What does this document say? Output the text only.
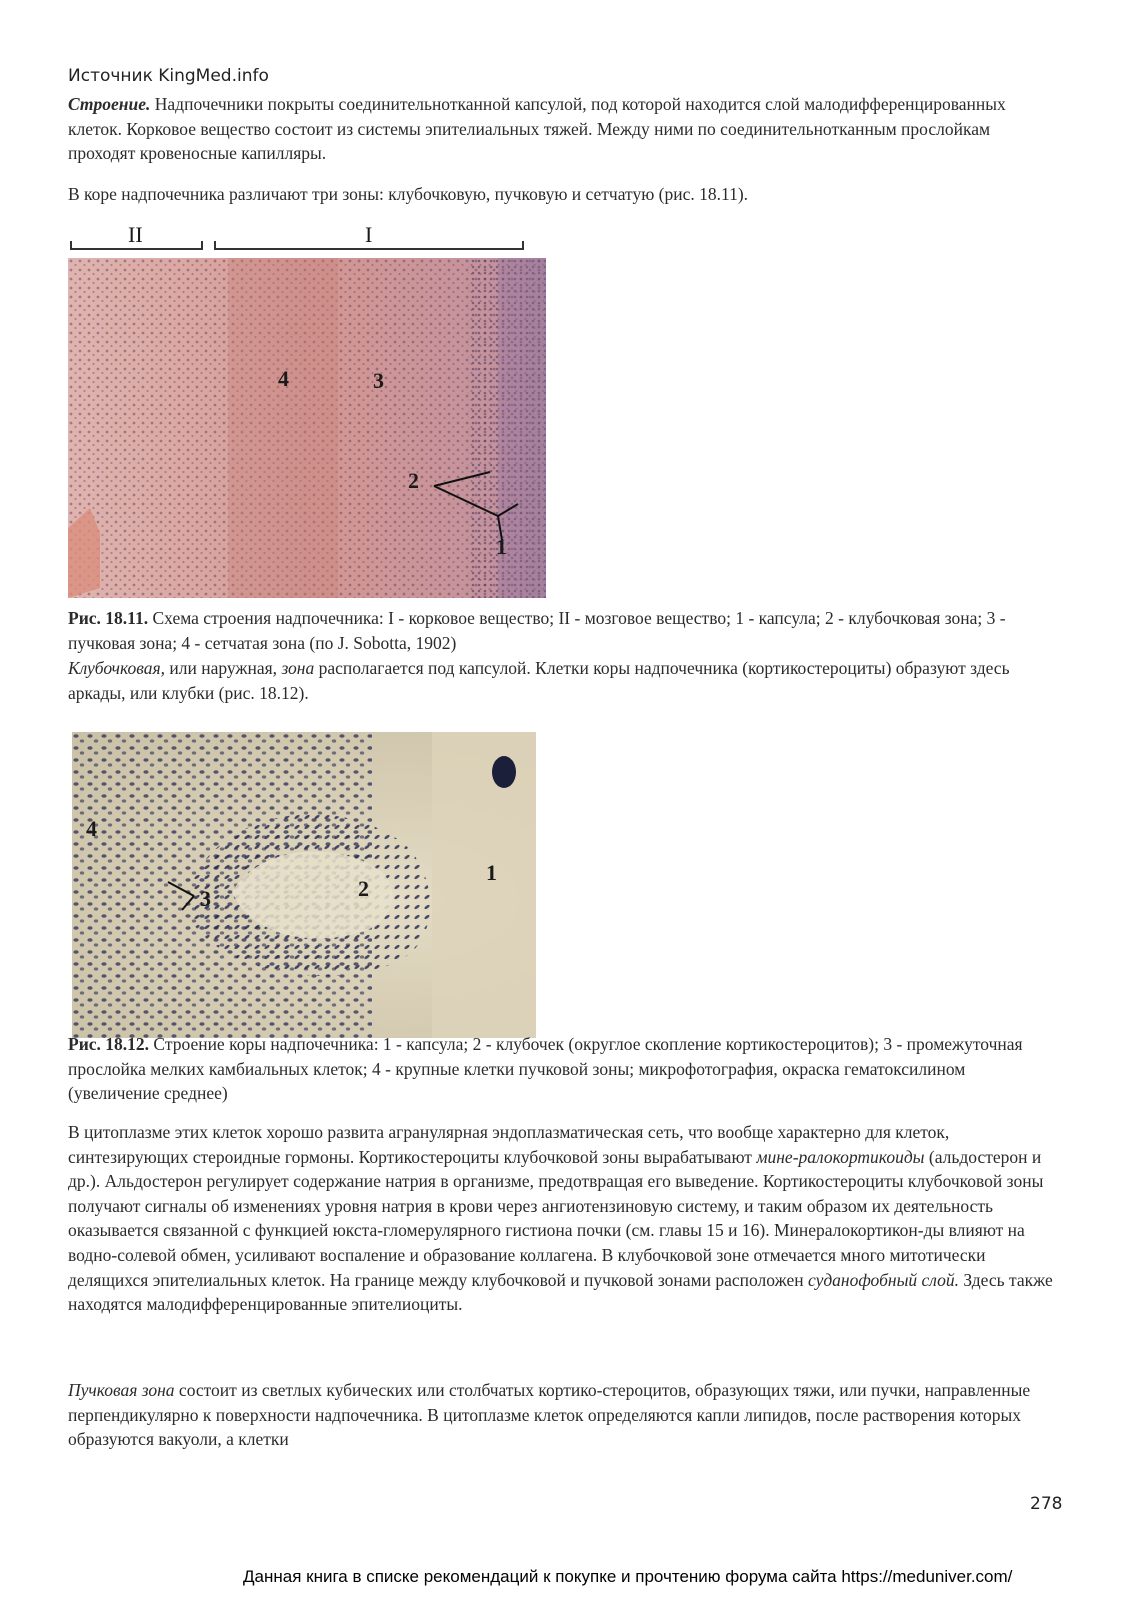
Источник KingMed.info

Строение. Надпочечники покрыты соединительнотканной капсулой, под которой находится слой малодифференцированных клеток. Корковое вещество состоит из системы эпителиальных тяжей. Между ними по соединительнотканным прослойкам проходят кровеносные капилляры.

В коре надпочечника различают три зоны: клубочковую, пучковую и сетчатую (рис. 18.11).

II	I
4	3
2
1

Рис. 18.11. Схема строения надпочечника: I - корковое вещество; II - мозговое вещество; 1 - капсула; 2 - клубочковая зона; 3 - пучковая зона; 4 - сетчатая зона (по J. Sobotta, 1902)

Клубочковая, или наружная, зона располагается под капсулой. Клетки коры надпочечника (кортикостероциты) образуют здесь аркады, или клубки (рис. 18.12).

4
3	2
1

Рис. 18.12. Строение коры надпочечника: 1 - капсула; 2 - клубочек (округлое скопление кортикостероцитов); 3 - промежуточная прослойка мелких камбиальных клеток; 4 - крупные клетки пучковой зоны; микрофотография, окраска гематоксилином (увеличение среднее)

В цитоплазме этих клеток хорошо развита агранулярная эндоплазматическая сеть, что вообще характерно для клеток, синтезирующих стероидные гормоны. Кортикостероциты клубочковой зоны вырабатывают мине-ралокортикоиды (альдостерон и др.). Альдостерон регулирует содержание натрия в организме, предотвращая его выведение. Кортикостероциты клубочковой зоны получают сигналы об изменениях уровня натрия в крови через ангиотензиновую систему, и таким образом их деятельность оказывается связанной с функцией юкста-гломерулярного гистиона почки (см. главы 15 и 16). Минералокортикон-ды влияют на водно-солевой обмен, усиливают воспаление и образование коллагена. В клубочковой зоне отмечается много митотически делящихся эпителиальных клеток. На границе между клубочковой и пучковой зонами расположен суданофобный слой. Здесь также находятся малодифференцированные эпителиоциты.

Пучковая зона состоит из светлых кубических или столбчатых кортико-стероцитов, образующих тяжи, или пучки, направленные перпендикулярно к поверхности надпочечника. В цитоплазме клеток определяются капли липидов, после растворения которых образуются вакуоли, а клетки

278
Данная книга в списке рекомендаций к покупке и прочтению форума сайта https://meduniver.com/
